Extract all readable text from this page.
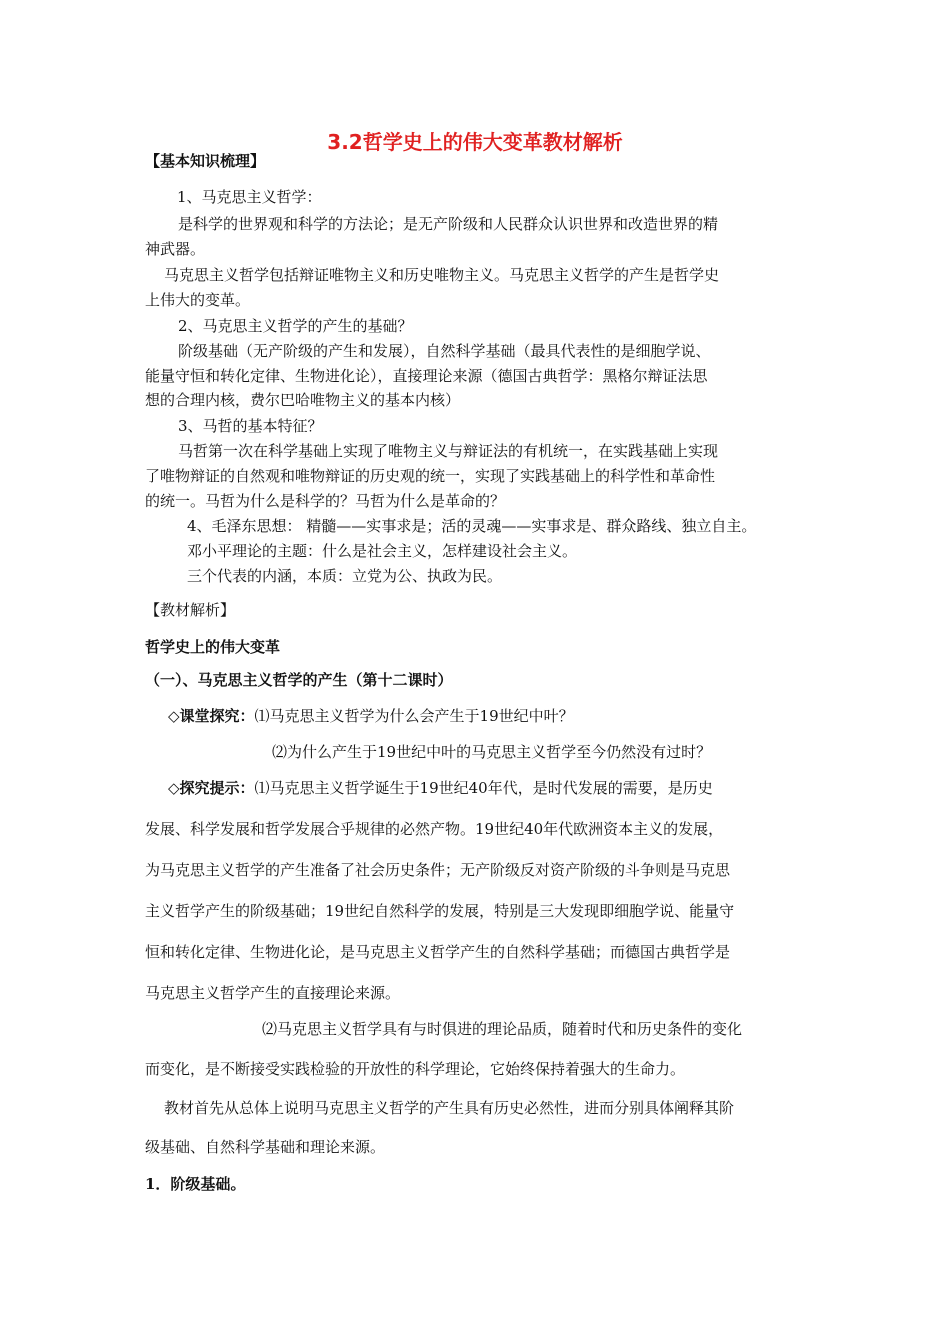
3.2哲学史上的伟大变革教材解析
【基本知识梳理】
1、马克思主义哲学：
是科学的世界观和科学的方法论；是无产阶级和人民群众认识世界和改造世界的精
神武器。
马克思主义哲学包括辩证唯物主义和历史唯物主义。马克思主义哲学的产生是哲学史
上伟大的变革。
2、马克思主义哲学的产生的基础？
阶级基础（无产阶级的产生和发展），自然科学基础（最具代表性的是细胞学说、
能量守恒和转化定律、生物进化论），直接理论来源（德国古典哲学：黑格尔辩证法思
想的合理内核，费尔巴哈唯物主义的基本内核）
3、马哲的基本特征？
马哲第一次在科学基础上实现了唯物主义与辩证法的有机统一，在实践基础上实现
了唯物辩证的自然观和唯物辩证的历史观的统一，实现了实践基础上的科学性和革命性
的统一。马哲为什么是科学的？马哲为什么是革命的？
4、毛泽东思想： 精髓——实事求是；活的灵魂——实事求是、群众路线、独立自主。
邓小平理论的主题：什么是社会主义，怎样建设社会主义。
三个代表的内涵，本质：立党为公、执政为民。
【教材解析】
哲学史上的伟大变革
（一）、马克思主义哲学的产生（第十二课时）
◇课堂探究：⑴马克思主义哲学为什么会产生于19世纪中叶？
⑵为什么产生于19世纪中叶的马克思主义哲学至今仍然没有过时？
◇探究提示：⑴马克思主义哲学诞生于19世纪40年代，是时代发展的需要，是历史
发展、科学发展和哲学发展合乎规律的必然产物。19世纪40年代欧洲资本主义的发展，
为马克思主义哲学的产生准备了社会历史条件；无产阶级反对资产阶级的斗争则是马克思
主义哲学产生的阶级基础；19世纪自然科学的发展，特别是三大发现即细胞学说、能量守
恒和转化定律、生物进化论，是马克思主义哲学产生的自然科学基础；而德国古典哲学是
马克思主义哲学产生的直接理论来源。
⑵马克思主义哲学具有与时俱进的理论品质，随着时代和历史条件的变化
而变化，是不断接受实践检验的开放性的科学理论，它始终保持着强大的生命力。
教材首先从总体上说明马克思主义哲学的产生具有历史必然性，进而分别具体阐释其阶
级基础、自然科学基础和理论来源。
1．阶级基础。
